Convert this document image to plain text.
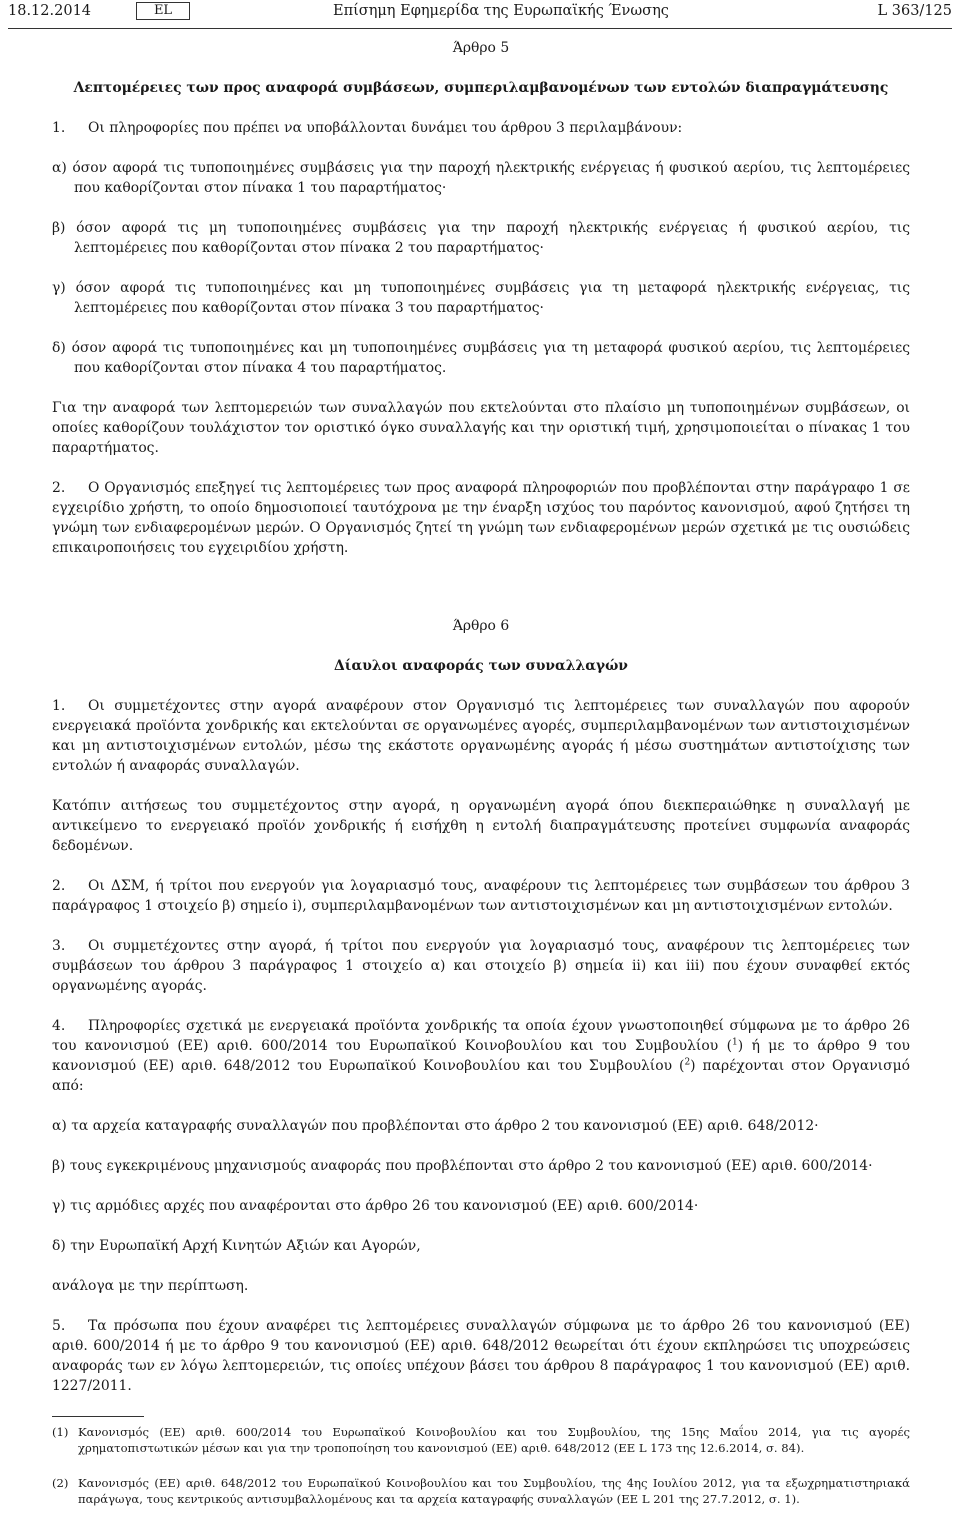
18.12.2014	EL	Επίσημη Εφημερίδα της Ευρωπαϊκής Ένωσης	L 363/125

Άρθρο 5

Λεπτομέρειες των προς αναφορά συμβάσεων, συμπεριλαμβανομένων των εντολών διαπραγμάτευσης

1. Οι πληροφορίες που πρέπει να υποβάλλονται δυνάμει του άρθρου 3 περιλαμβάνουν:

α) όσον αφορά τις τυποποιημένες συμβάσεις για την παροχή ηλεκτρικής ενέργειας ή φυσικού αερίου, τις λεπτομέρειες που καθορίζονται στον πίνακα 1 του παραρτήματος·

β) όσον αφορά τις μη τυποποιημένες συμβάσεις για την παροχή ηλεκτρικής ενέργειας ή φυσικού αερίου, τις λεπτομέρειες που καθορίζονται στον πίνακα 2 του παραρτήματος·

γ) όσον αφορά τις τυποποιημένες και μη τυποποιημένες συμβάσεις για τη μεταφορά ηλεκτρικής ενέργειας, τις λεπτομέρειες που καθορίζονται στον πίνακα 3 του παραρτήματος·

δ) όσον αφορά τις τυποποιημένες και μη τυποποιημένες συμβάσεις για τη μεταφορά φυσικού αερίου, τις λεπτομέρειες που καθορίζονται στον πίνακα 4 του παραρτήματος.

Για την αναφορά των λεπτομερειών των συναλλαγών που εκτελούνται στο πλαίσιο μη τυποποιημένων συμβάσεων, οι οποίες καθορίζουν τουλάχιστον τον οριστικό όγκο συναλλαγής και την οριστική τιμή, χρησιμοποιείται ο πίνακας 1 του παραρτήματος.

2. Ο Οργανισμός επεξηγεί τις λεπτομέρειες των προς αναφορά πληροφοριών που προβλέπονται στην παράγραφο 1 σε εγχειρίδιο χρήστη, το οποίο δημοσιοποιεί ταυτόχρονα με την έναρξη ισχύος του παρόντος κανονισμού, αφού ζητήσει τη γνώμη των ενδιαφερομένων μερών. Ο Οργανισμός ζητεί τη γνώμη των ενδιαφερομένων μερών σχετικά με τις ουσιώδεις επικαιροποιήσεις του εγχειριδίου χρήστη.

Άρθρο 6

Δίαυλοι αναφοράς των συναλλαγών

1. Οι συμμετέχοντες στην αγορά αναφέρουν στον Οργανισμό τις λεπτομέρειες των συναλλαγών που αφορούν ενεργειακά προϊόντα χονδρικής και εκτελούνται σε οργανωμένες αγορές, συμπεριλαμβανομένων των αντιστοιχισμένων και μη αντιστοιχισμένων εντολών, μέσω της εκάστοτε οργανωμένης αγοράς ή μέσω συστημάτων αντιστοίχισης των εντολών ή αναφοράς συναλλαγών.

Κατόπιν αιτήσεως του συμμετέχοντος στην αγορά, η οργανωμένη αγορά όπου διεκπεραιώθηκε η συναλλαγή με αντικείμενο το ενεργειακό προϊόν χονδρικής ή εισήχθη η εντολή διαπραγμάτευσης προτείνει συμφωνία αναφοράς δεδομένων.

2. Οι ΔΣΜ, ή τρίτοι που ενεργούν για λογαριασμό τους, αναφέρουν τις λεπτομέρειες των συμβάσεων του άρθρου 3 παράγραφος 1 στοιχείο β) σημείο i), συμπεριλαμβανομένων των αντιστοιχισμένων και μη αντιστοιχισμένων εντολών.

3. Οι συμμετέχοντες στην αγορά, ή τρίτοι που ενεργούν για λογαριασμό τους, αναφέρουν τις λεπτομέρειες των συμβάσεων του άρθρου 3 παράγραφος 1 στοιχείο α) και στοιχείο β) σημεία ii) και iii) που έχουν συναφθεί εκτός οργανωμένης αγοράς.

4. Πληροφορίες σχετικά με ενεργειακά προϊόντα χονδρικής τα οποία έχουν γνωστοποιηθεί σύμφωνα με το άρθρο 26 του κανονισμού (ΕΕ) αριθ. 600/2014 του Ευρωπαϊκού Κοινοβουλίου και του Συμβουλίου ($^1$) ή με το άρθρο 9 του κανονισμού (ΕΕ) αριθ. 648/2012 του Ευρωπαϊκού Κοινοβουλίου και του Συμβουλίου ($^2$) παρέχονται στον Οργανισμό από:

α) τα αρχεία καταγραφής συναλλαγών που προβλέπονται στο άρθρο 2 του κανονισμού (ΕΕ) αριθ. 648/2012·

β) τους εγκεκριμένους μηχανισμούς αναφοράς που προβλέπονται στο άρθρο 2 του κανονισμού (ΕΕ) αριθ. 600/2014·

γ) τις αρμόδιες αρχές που αναφέρονται στο άρθρο 26 του κανονισμού (ΕΕ) αριθ. 600/2014·

δ) την Ευρωπαϊκή Αρχή Κινητών Αξιών και Αγορών,

ανάλογα με την περίπτωση.

5. Τα πρόσωπα που έχουν αναφέρει τις λεπτομέρειες συναλλαγών σύμφωνα με το άρθρο 26 του κανονισμού (ΕΕ) αριθ. 600/2014 ή με το άρθρο 9 του κανονισμού (ΕΕ) αριθ. 648/2012 θεωρείται ότι έχουν εκπληρώσει τις υποχρεώσεις αναφοράς των εν λόγω λεπτομερειών, τις οποίες υπέχουν βάσει του άρθρου 8 παράγραφος 1 του κανονισμού (ΕΕ) αριθ. 1227/2011.

(1) Κανονισμός (ΕΕ) αριθ. 600/2014 του Ευρωπαϊκού Κοινοβουλίου και του Συμβουλίου, της 15ης Μαΐου 2014, για τις αγορές χρηματοπιστωτικών μέσων και για την τροποποίηση του κανονισμού (ΕΕ) αριθ. 648/2012 (ΕΕ L 173 της 12.6.2014, σ. 84).

(2) Κανονισμός (ΕΕ) αριθ. 648/2012 του Ευρωπαϊκού Κοινοβουλίου και του Συμβουλίου, της 4ης Ιουλίου 2012, για τα εξωχρηματιστηριακά παράγωγα, τους κεντρικούς αντισυμβαλλομένους και τα αρχεία καταγραφής συναλλαγών (ΕΕ L 201 της 27.7.2012, σ. 1).
